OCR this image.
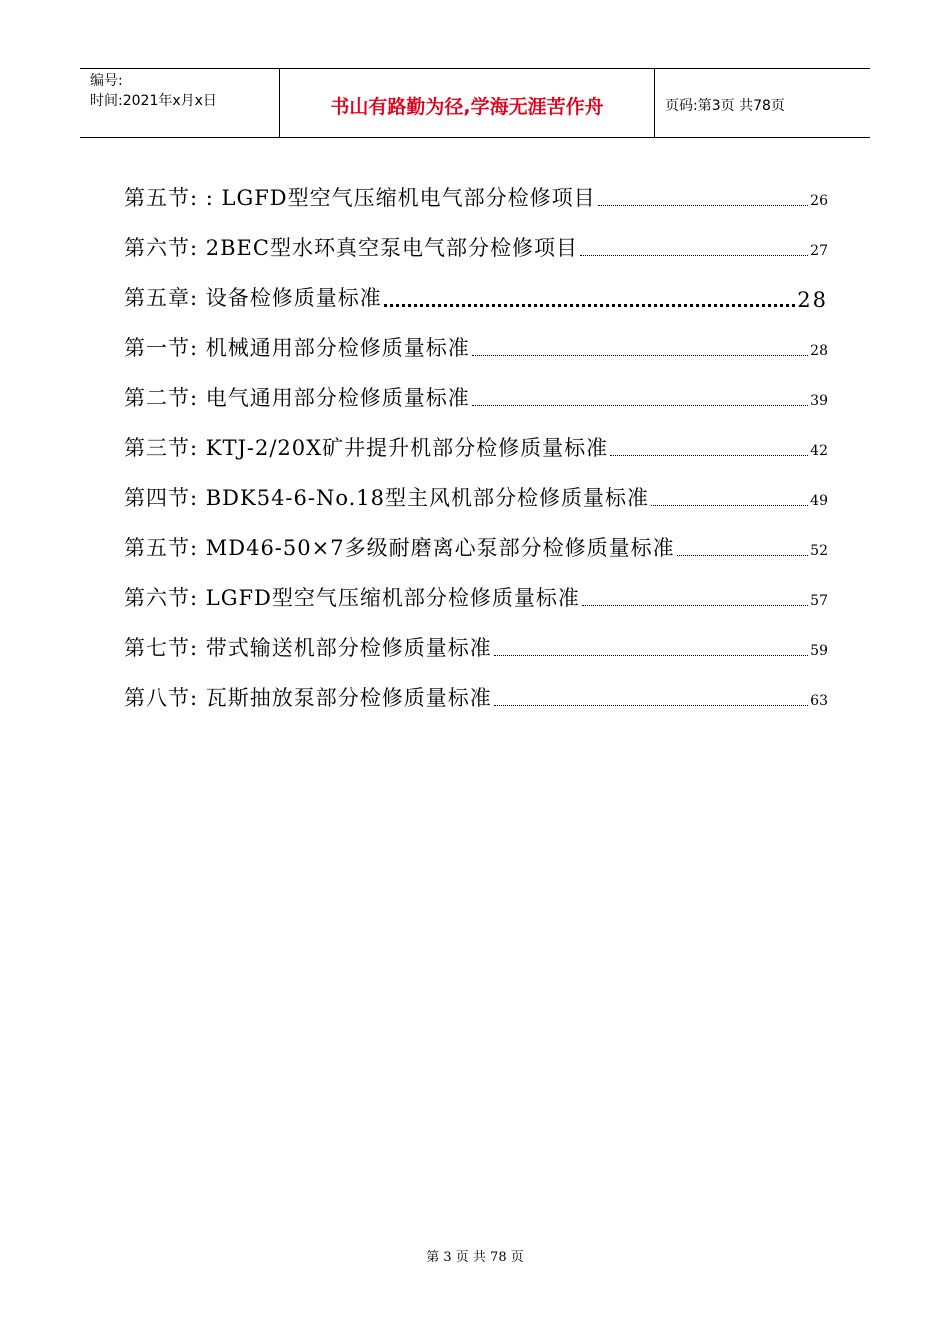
编号:
时间:2021年x月x日	书山有路勤为径,学海无涯苦作舟	页码:第3页 共78页
第五节: : LGFD型空气压缩机电气部分检修项目	26
第六节: 2BEC型水环真空泵电气部分检修项目	27
第五章: 设备检修质量标准	28
第一节: 机械通用部分检修质量标准	28
第二节: 电气通用部分检修质量标准	39
第三节: KTJ-2/20X矿井提升机部分检修质量标准	42
第四节: BDK54-6-No.18型主风机部分检修质量标准	49
第五节: MD46-50×7多级耐磨离心泵部分检修质量标准	52
第六节: LGFD型空气压缩机部分检修质量标准	57
第七节: 带式输送机部分检修质量标准	59
第八节: 瓦斯抽放泵部分检修质量标准	63
第 3 页 共 78 页
